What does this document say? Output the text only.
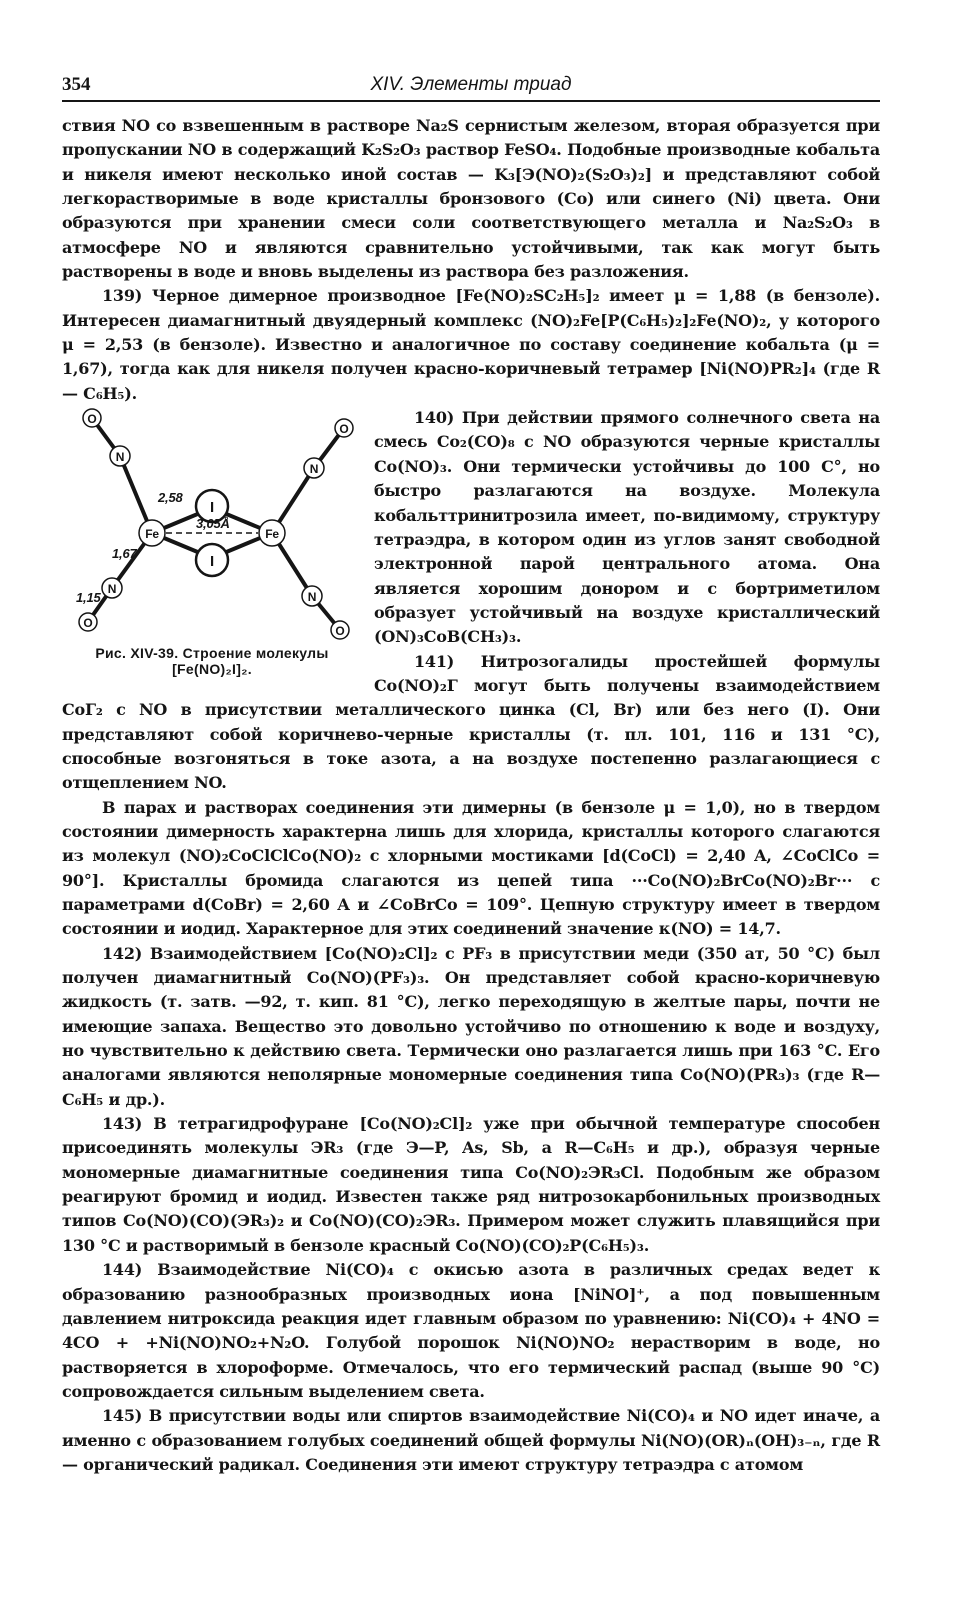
354	XIV. Элементы триад

ствия NO со взвешенным в растворе Na₂S сернистым железом, вторая образуется при пропускании NO в содержащий K₂S₂O₃ раствор FeSO₄. Подобные производные кобальта и никеля имеют несколько иной состав — K₃[Э(NO)₂(S₂O₃)₂] и представляют собой легкорастворимые в воде кристаллы бронзового (Co) или синего (Ni) цвета. Они образуются при хранении смеси соли соответствующего металла и Na₂S₂O₃ в атмосфере NO и являются сравнительно устойчивыми, так как могут быть растворены в воде и вновь выделены из раствора без разложения.

139) Черное димерное производное [Fe(NO)₂SC₂H₅]₂ имеет μ = 1,88 (в бензоле). Интересен диамагнитный двуядерный комплекс (NO)₂Fe[P(C₆H₅)₂]₂Fe(NO)₂, у которого μ = 2,53 (в бензоле). Известно и аналогичное по составу соединение кобальта (μ = 1,67), тогда как для никеля получен красно-коричневый тетрамер [Ni(NO)PR₂]₄ (где R — C₆H₅).

Fe	Fe
I
I
N
N
N
N
O
O
O
O
2,58
3,05Å
1,67
1,15
Рис. XIV-39. Строение молекулы [Fe(NO)₂I]₂.

140) При действии прямого солнечного света на смесь Co₂(CO)₈ с NO образуются черные кристаллы Co(NO)₃. Они термически устойчивы до 100 C°, но быстро разлагаются на воздухе. Молекула кобальттринитрозила имеет, по-видимому, структуру тетраэдра, в котором один из углов занят свободной электронной парой центрального атома. Она является хорошим донором и с бортриметилом образует устойчивый на воздухе кристаллический (ON)₃CoB(CH₃)₃.

141) Нитрозогалиды простейшей формулы Co(NO)₂Г могут быть получены взаимодействием CoГ₂ с NO в присутствии металлического цинка (Cl, Br) или без него (I). Они представляют собой коричнево-черные кристаллы (т. пл. 101, 116 и 131 °C), способные возгоняться в токе азота, а на воздухе постепенно разлагающиеся с отщеплением NO.

В парах и растворах соединения эти димерны (в бензоле μ = 1,0), но в твердом состоянии димерность характерна лишь для хлорида, кристаллы которого слагаются из молекул (NO)₂CoClClCo(NO)₂ с хлорными мостиками [d(CoCl) = 2,40 A, ∠CoClCo = 90°]. Кристаллы бромида слагаются из цепей типа ···Co(NO)₂BrCo(NO)₂Br··· с параметрами d(CoBr) = 2,60 A и ∠CoBrCo = 109°. Цепную структуру имеет в твердом состоянии и иодид. Характерное для этих соединений значение κ(NO) = 14,7.

142) Взаимодействием [Co(NO)₂Cl]₂ с PF₃ в присутствии меди (350 ат, 50 °C) был получен диамагнитный Co(NO)(PF₃)₃. Он представляет собой красно-коричневую жидкость (т. затв. —92, т. кип. 81 °C), легко переходящую в желтые пары, почти не имеющие запаха. Вещество это довольно устойчиво по отношению к воде и воздуху, но чувствительно к действию света. Термически оно разлагается лишь при 163 °C. Его аналогами являются неполярные мономерные соединения типа Co(NO)(PR₃)₃ (где R—C₆H₅ и др.).

143) В тетрагидрофуране [Co(NO)₂Cl]₂ уже при обычной температуре способен присоединять молекулы ЭR₃ (где Э—P, As, Sb, а R—C₆H₅ и др.), образуя черные мономерные диамагнитные соединения типа Co(NO)₂ЭR₃Cl. Подобным же образом реагируют бромид и иодид. Известен также ряд нитрозокарбонильных производных типов Co(NO)(CO)(ЭR₃)₂ и Co(NO)(CO)₂ЭR₃. Примером может служить плавящийся при 130 °C и растворимый в бензоле красный Co(NO)(CO)₂P(C₆H₅)₃.

144) Взаимодействие Ni(CO)₄ с окисью азота в различных средах ведет к образованию разнообразных производных иона [NiNO]⁺, а под повышенным давлением нитроксида реакция идет главным образом по уравнению: Ni(CO)₄ + 4NO = 4CO + +Ni(NO)NO₂+N₂O. Голубой порошок Ni(NO)NO₂ нерастворим в воде, но растворяется в хлороформе. Отмечалось, что его термический распад (выше 90 °C) сопровождается сильным выделением света.

145) В присутствии воды или спиртов взаимодействие Ni(CO)₄ и NO идет иначе, а именно с образованием голубых соединений общей формулы Ni(NO)(OR)ₙ(OH)₃₋ₙ, где R — органический радикал. Соединения эти имеют структуру тетраэдра с атомом
